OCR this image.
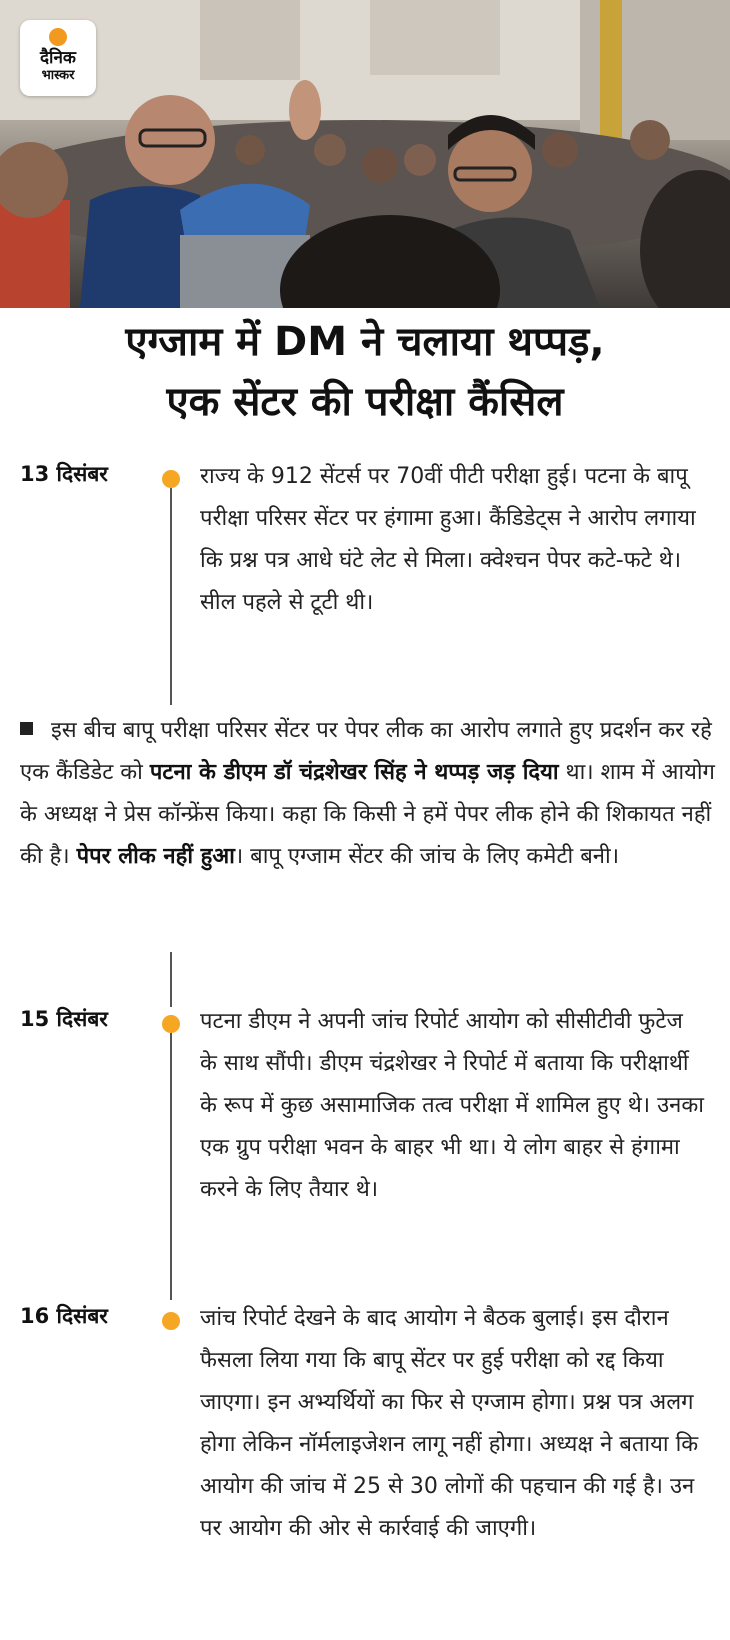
दैनिक
भास्कर
एग्जाम में DM ने चलाया थप्पड़,
एक सेंटर की परीक्षा कैंसिल
13 दिसंबर	राज्य के 912 सेंटर्स पर 70वीं पीटी परीक्षा हुई। पटना के बापू परीक्षा परिसर सेंटर पर हंगामा हुआ। कैंडिडेट्स ने आरोप लगाया कि प्रश्न पत्र आधे घंटे लेट से मिला। क्वेश्चन पेपर कटे-फटे थे। सील पहले से टूटी थी।
इस बीच बापू परीक्षा परिसर सेंटर पर पेपर लीक का आरोप लगाते हुए प्रदर्शन कर रहे एक कैंडिडेट को पटना के डीएम डॉ चंद्रशेखर सिंह ने थप्पड़ जड़ दिया था। शाम में आयोग के अध्यक्ष ने प्रेस कॉन्फ्रेंस किया। कहा कि किसी ने हमें पेपर लीक होने की शिकायत नहीं की है। पेपर लीक नहीं हुआ। बापू एग्जाम सेंटर की जांच के लिए कमेटी बनी।
15 दिसंबर	पटना डीएम ने अपनी जांच रिपोर्ट आयोग को सीसीटीवी फुटेज के साथ सौंपी। डीएम चंद्रशेखर ने रिपोर्ट में बताया कि परीक्षार्थी के रूप में कुछ असामाजिक तत्व परीक्षा में शामिल हुए थे। उनका एक ग्रुप परीक्षा भवन के बाहर भी था। ये लोग बाहर से हंगामा करने के लिए तैयार थे।
16 दिसंबर	जांच रिपोर्ट देखने के बाद आयोग ने बैठक बुलाई। इस दौरान फैसला लिया गया कि बापू सेंटर पर हुई परीक्षा को रद्द किया जाएगा। इन अभ्यर्थियों का फिर से एग्जाम होगा। प्रश्न पत्र अलग होगा लेकिन नॉर्मलाइजेशन लागू नहीं होगा। अध्यक्ष ने बताया कि आयोग की जांच में 25 से 30 लोगों की पहचान की गई है। उन पर आयोग की ओर से कार्रवाई की जाएगी।
